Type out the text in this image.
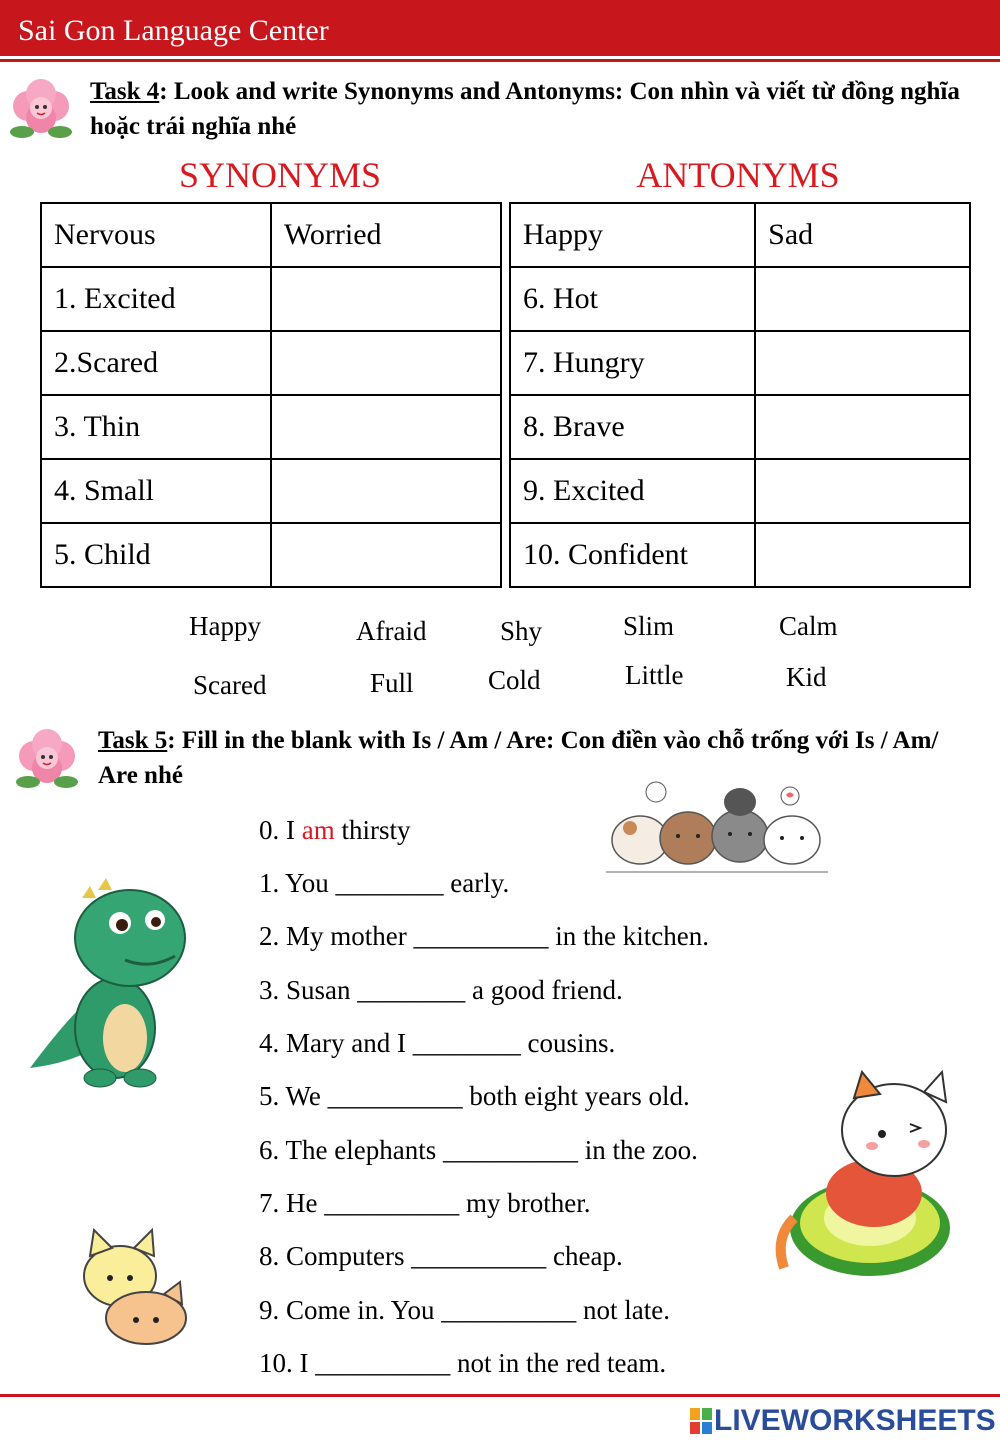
Sai Gon Language Center
Task 4: Look and write Synonyms and Antonyms: Con nhìn và viết từ đồng nghĩa hoặc trái nghĩa nhé
SYNONYMS	ANTONYMS
Nervous	Worried
1. Excited	
2.Scared	
3. Thin	
4. Small	
5. Child	
Happy	Sad
6. Hot	
7. Hungry	
8. Brave	
9. Excited	
10. Confident	
Happy	Afraid	Shy	Slim	Calm
Scared	Full	Cold	Little	Kid
Task 5: Fill in the blank with Is / Am / Are: Con điền vào chỗ trống với Is / Am/ Are nhé
0. I am thirsty
1. You ________ early.
2. My mother __________ in the kitchen.
3. Susan ________ a good friend.
4. Mary and I ________ cousins.
5. We __________ both eight years old.
6. The elephants __________ in the zoo.
7. He __________ my brother.
8. Computers __________ cheap.
9. Come in. You __________ not late.
10. I __________ not in the red team.
LIVEWORKSHEETS
